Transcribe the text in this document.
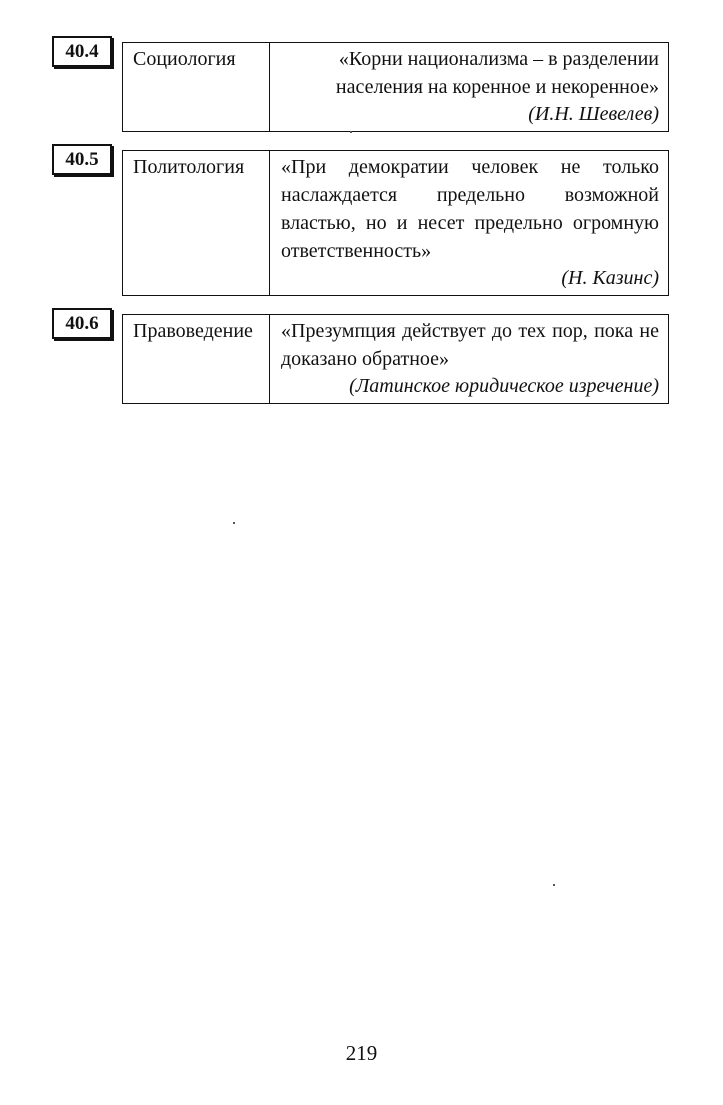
40.4	Социология	«Корни национализма – в разделении населения на коренное и некоренное»
(И.Н. Шевелев)
40.5	Политология	«При демократии человек не только наслаждается предельно возможной властью, но и несет предельно огромную ответственность»
(Н. Казинс)
40.6	Правоведение	«Презумпция действует до тех пор, пока не доказано обратное»
(Латинское юридическое изречение)
219
